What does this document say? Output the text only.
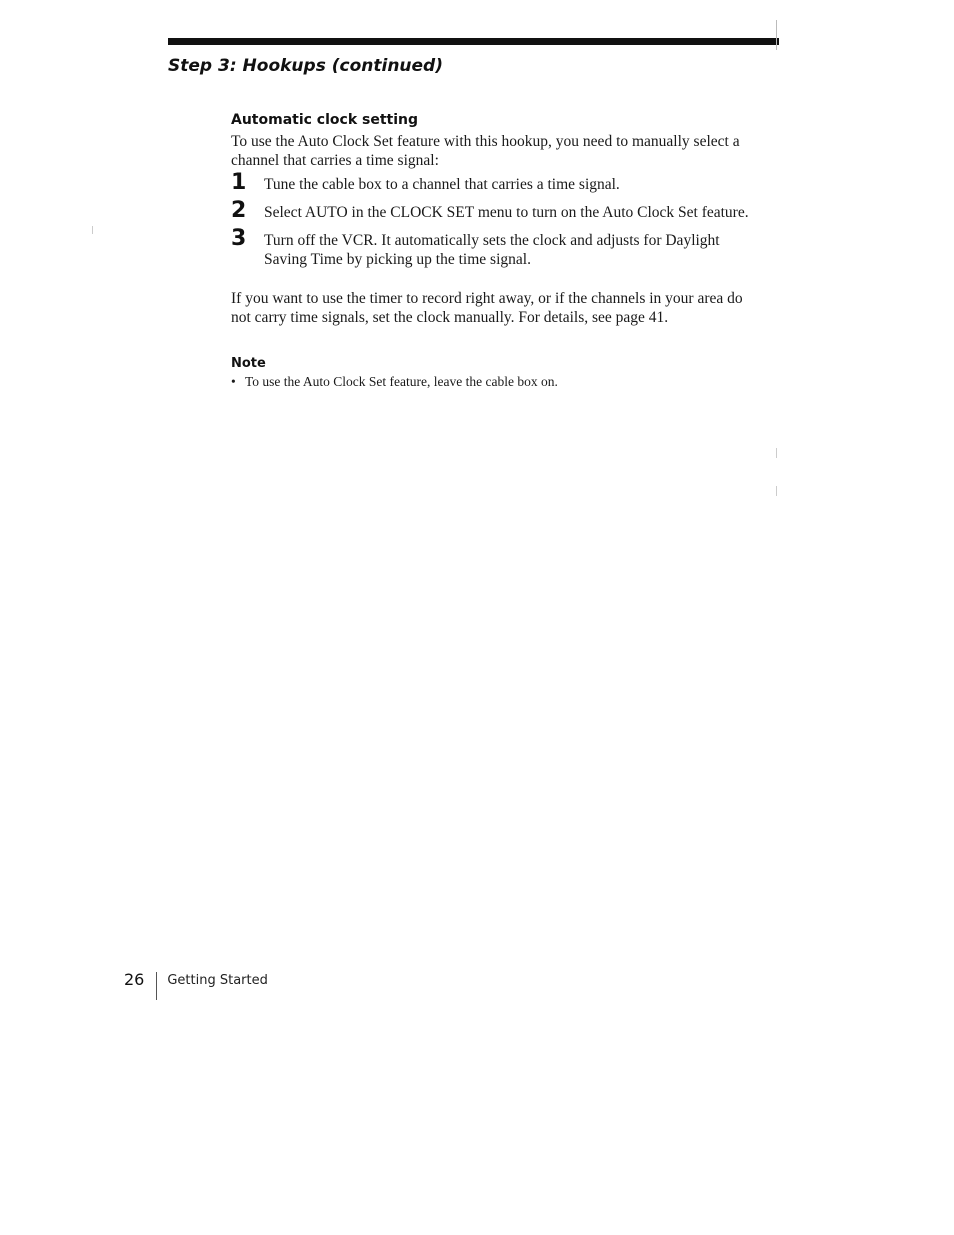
Step 3: Hookups (continued)
Automatic clock setting

To use the Auto Clock Set feature with this hookup, you need to manually select a channel that carries a time signal:

1	Tune the cable box to a channel that carries a time signal.
2	Select AUTO in the CLOCK SET menu to turn on the Auto Clock Set feature.
3	Turn off the VCR. It automatically sets the clock and adjusts for Daylight Saving Time by picking up the time signal.

If you want to use the timer to record right away, or if the channels in your area do not carry time signals, set the clock manually. For details, see page 41.

Note

• To use the Auto Clock Set feature, leave the cable box on.

26 Getting Started
